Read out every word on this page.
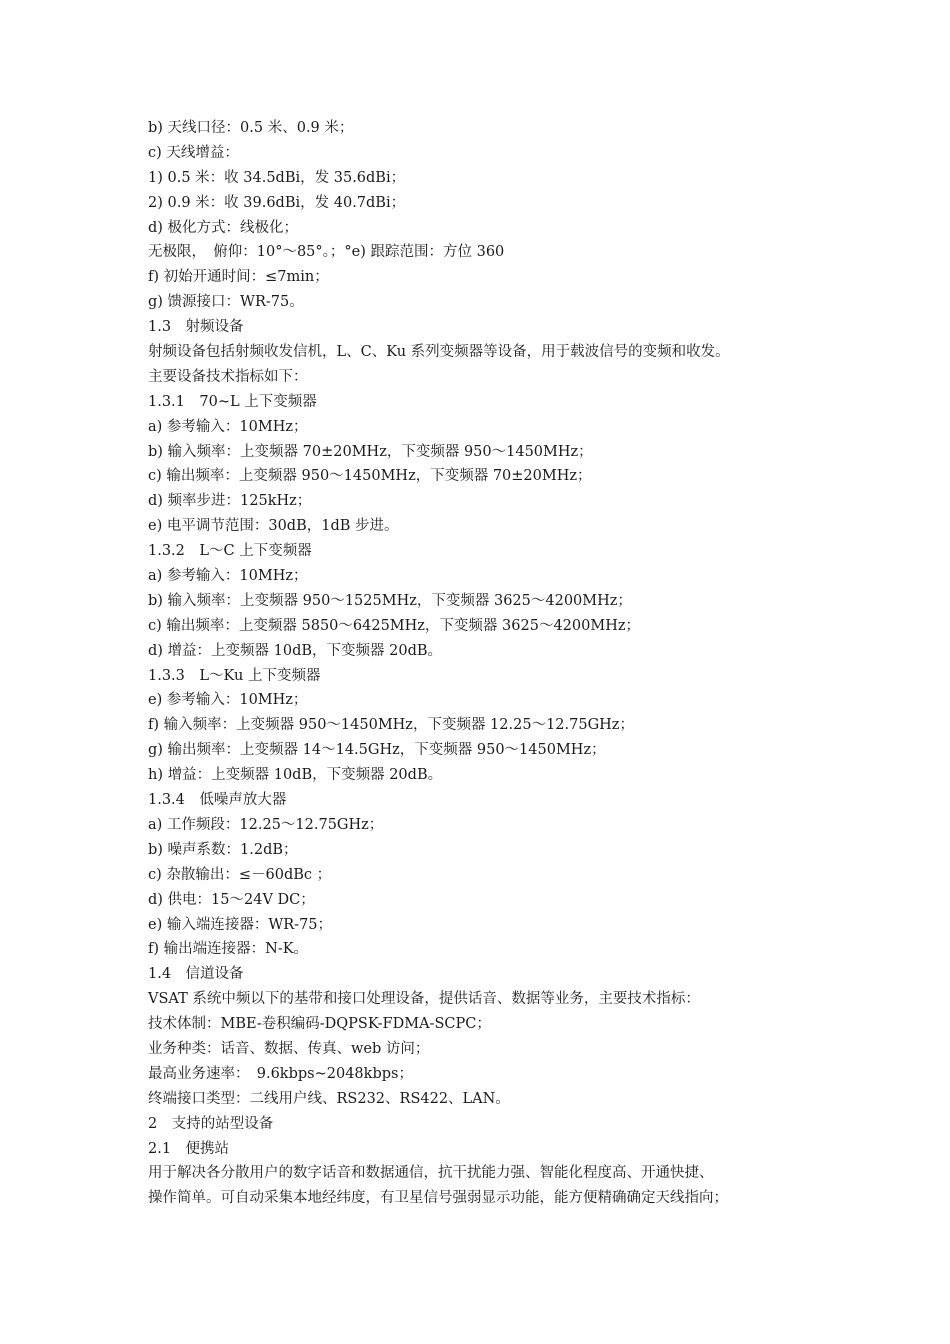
b) 天线口径：0.5 米、0.9 米；
c) 天线增益：
1) 0.5 米：收 34.5dBi，发 35.6dBi；
2) 0.9 米：收 39.6dBi，发 40.7dBi；
d) 极化方式：线极化；
无极限，　俯仰：10°～85°。；°e) 跟踪范围：方位 360
f) 初始开通时间：≤7min；
g) 馈源接口：WR-75。
1.3　射频设备
射频设备包括射频收发信机，L、C、Ku 系列变频器等设备，用于载波信号的变频和收发。
主要设备技术指标如下：
1.3.1　70~L 上下变频器
a) 参考输入：10MHz；
b) 输入频率：上变频器 70±20MHz，下变频器 950～1450MHz；
c) 输出频率：上变频器 950～1450MHz，下变频器 70±20MHz；
d) 频率步进：125kHz；
e) 电平调节范围：30dB，1dB 步进。
1.3.2　L～C 上下变频器
a) 参考输入：10MHz；
b) 输入频率：上变频器 950～1525MHz，下变频器 3625～4200MHz；
c) 输出频率：上变频器 5850～6425MHz，下变频器 3625～4200MHz；
d) 增益：上变频器 10dB，下变频器 20dB。
1.3.3　L～Ku 上下变频器
e) 参考输入：10MHz；
f) 输入频率：上变频器 950～1450MHz，下变频器 12.25～12.75GHz；
g) 输出频率：上变频器 14～14.5GHz，下变频器 950～1450MHz；
h) 增益：上变频器 10dB，下变频器 20dB。
1.3.4　低噪声放大器
a) 工作频段：12.25～12.75GHz；
b) 噪声系数：1.2dB；
c) 杂散输出：≤－60dBc ；
d) 供电：15～24V DC；
e) 输入端连接器：WR-75；
f) 输出端连接器：N-K。
1.4　信道设备
VSAT 系统中频以下的基带和接口处理设备，提供话音、数据等业务，主要技术指标：
技术体制：MBE-卷积编码-DQPSK-FDMA-SCPC；
业务种类：话音、数据、传真、web 访问；
最高业务速率：　9.6kbps~2048kbps；
终端接口类型：二线用户线、RS232、RS422、LAN。
2　支持的站型设备
2.1　便携站
用于解决各分散用户的数字话音和数据通信，抗干扰能力强、智能化程度高、开通快捷、
操作简单。可自动采集本地经纬度，有卫星信号强弱显示功能，能方便精确确定天线指向；
